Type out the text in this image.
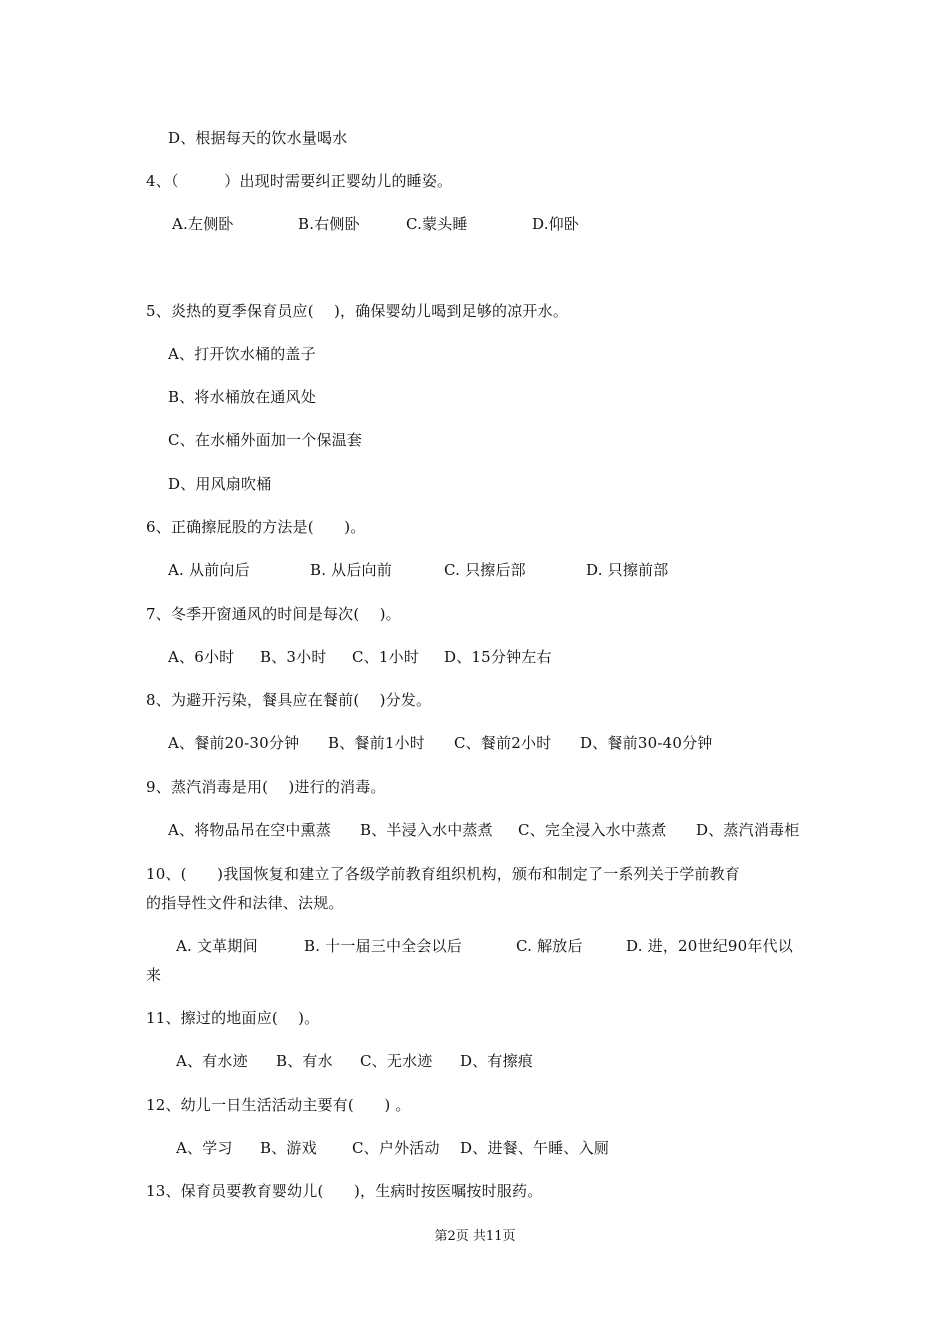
D、根据每天的饮水量喝水
4、（　　　）出现时需要纠正婴幼儿的睡姿。
A.左侧卧	B.右侧卧	C.蒙头睡	D.仰卧
5、炎热的夏季保育员应(　 )，确保婴幼儿喝到足够的凉开水。
A、打开饮水桶的盖子
B、将水桶放在通风处
C、在水桶外面加一个保温套
D、用风扇吹桶
6、正确擦屁股的方法是(　　)。
A. 从前向后	B. 从后向前	C. 只擦后部	D. 只擦前部
7、冬季开窗通风的时间是每次(　 )。
A、6小时 B、3小时 C、1小时 D、15分钟左右
8、为避开污染，餐具应在餐前(　 )分发。
A、餐前20-30分钟 B、餐前1小时 C、餐前2小时 D、餐前30-40分钟
9、蒸汽消毒是用(　 )进行的消毒。
A、将物品吊在空中熏蒸 B、半浸入水中蒸煮 C、完全浸入水中蒸煮 D、蒸汽消毒柜
10、(　　)我国恢复和建立了各级学前教育组织机构，颁布和制定了一系列关于学前教育
的指导性文件和法律、法规。
A. 文革期间	B. 十一届三中全会以后	C. 解放后	D. 进，20世纪90年代以
来
11、擦过的地面应(　 )。
A、有水迹 B、有水 C、无水迹 D、有擦痕
12、幼儿一日生活活动主要有(　　) 。
A、学习 B、游戏 C、户外活动 D、进餐、午睡、入厕
13、保育员要教育婴幼儿(　　)，生病时按医嘱按时服药。
第2页 共11页
